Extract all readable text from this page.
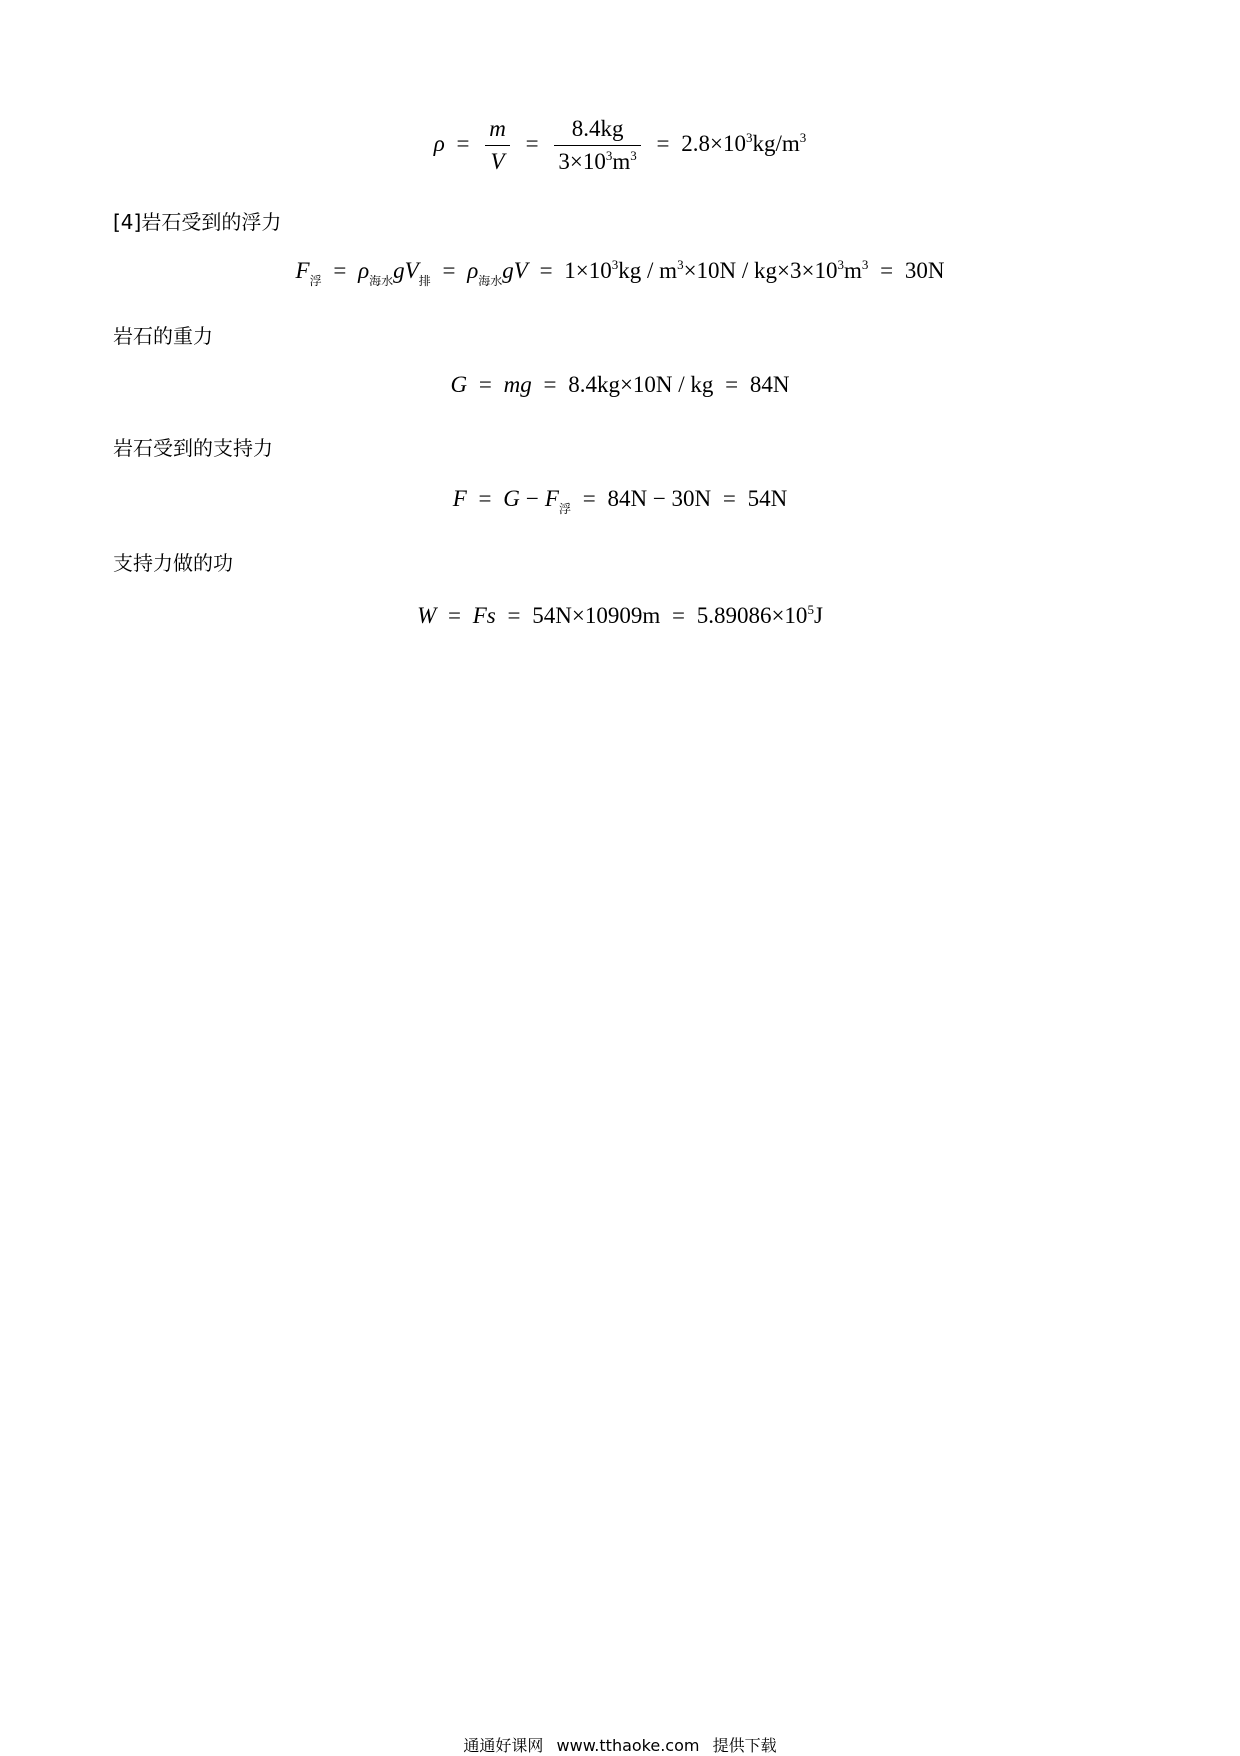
$\rho = \frac{m}{V} = \frac{8.4kg}{3\times 10^3m^3} = 2.8\times 10^3kg/m^3$
[4]岩石受到的浮力
$F_浮 = \rho_{海水}gV_排 = \rho_{海水}gV = 1\times 10^3kg / m^3\times 10N / kg\times 3\times 10^3m^3 = 30N$
岩石的重力
G = mg = 8.4kg×10N / kg = 84N
岩石受到的支持力
$F = G - F_浮 = 84N - 30N = 54N$
支持力做的功
$W = Fs = 54N\times 10909m = 5.89086\times 10^5J$
通通好课网 www.tthaoke.com 提供下载
